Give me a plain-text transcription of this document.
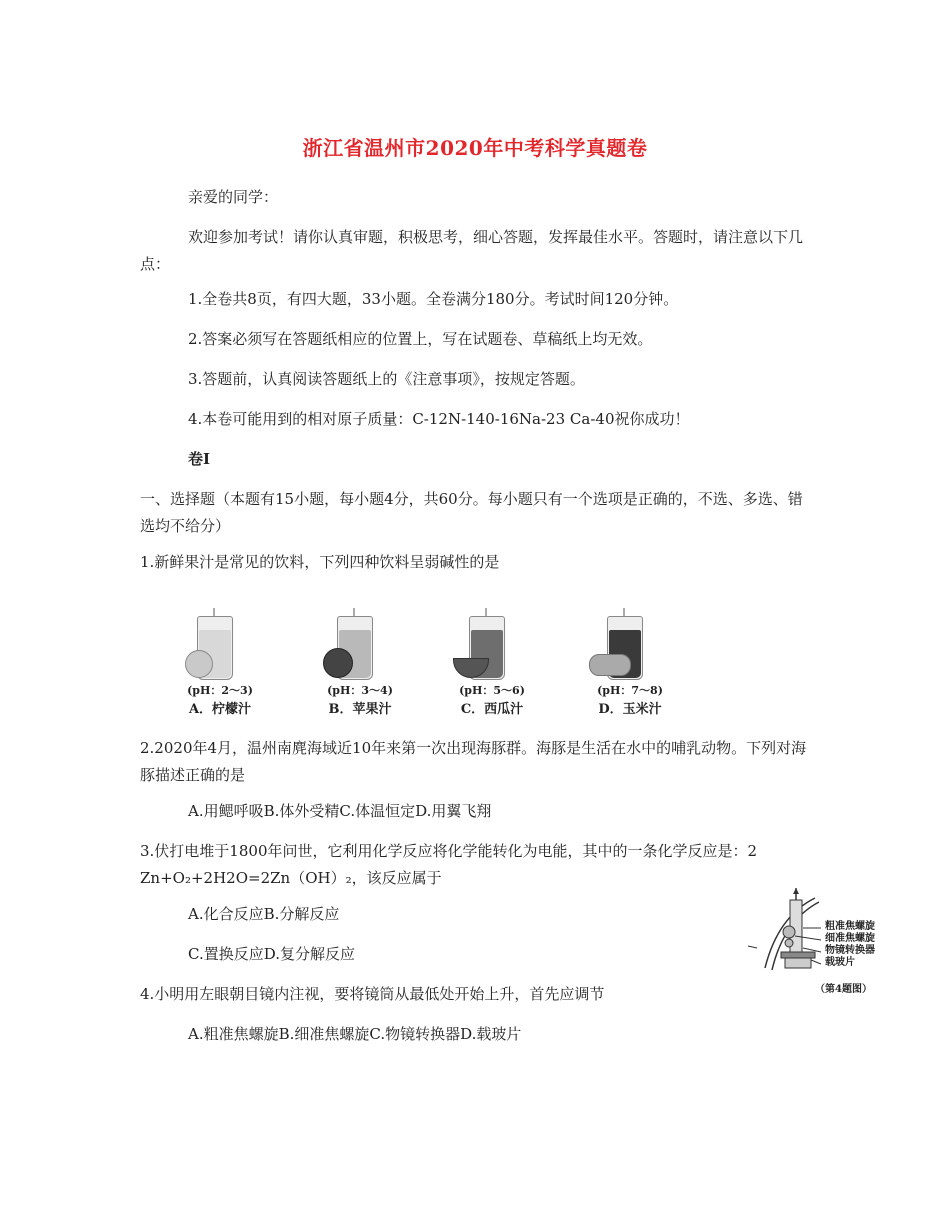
浙江省温州市2020年中考科学真题卷
亲爱的同学：
欢迎参加考试！请你认真审题，积极思考，细心答题，发挥最佳水平。答题时，请注意以下几点：
1.全卷共8页，有四大题，33小题。全卷满分180分。考试时间120分钟。
2.答案必须写在答题纸相应的位置上，写在试题卷、草稿纸上均无效。
3.答题前，认真阅读答题纸上的《注意事项》，按规定答题。
4.本卷可能用到的相对原子质量：C-12N-140-16Na-23 Ca-40祝你成功！
卷Ⅰ
一、选择题（本题有15小题，每小题4分，共60分。每小题只有一个选项是正确的，不选、多选、错选均不给分）
1.新鲜果汁是常见的饮料，下列四种饮料呈弱碱性的是
(pH：2～3)
A．柠檬汁
(pH：3～4)
B．苹果汁
(pH：5～6)
C．西瓜汁
(pH：7～8)
D．玉米汁
2.2020年4月，温州南麂海域近10年来第一次出现海豚群。海豚是生活在水中的哺乳动物。下列对海豚描述正确的是
A.用鳃呼吸B.体外受精C.体温恒定D.用翼飞翔
3.伏打电堆于1800年问世，它利用化学反应将化学能转化为电能，其中的一条化学反应是：2 Zn+O₂+2H2O=2Zn（OH）₂，该反应属于
A.化合反应B.分解反应
C.置换反应D.复分解反应
4.小明用左眼朝目镜内注视，要将镜筒从最低处开始上升，首先应调节
A.粗准焦螺旋B.细准焦螺旋C.物镜转换器D.载玻片
粗准焦螺旋
细准焦螺旋
物镜转换器
载玻片
（第4题图）
